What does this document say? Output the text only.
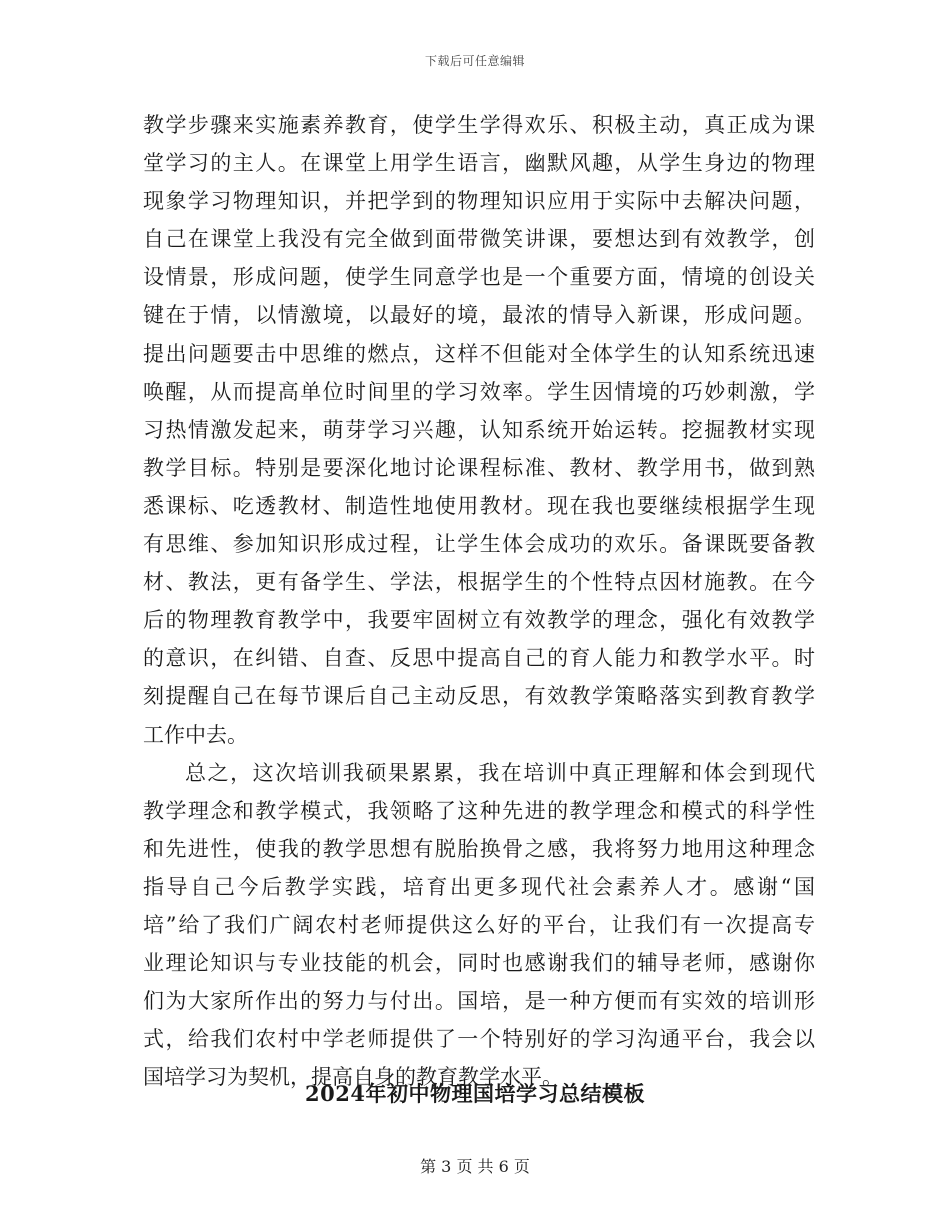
下载后可任意编辑
教学步骤来实施素养教育，使学生学得欢乐、积极主动，真正成为课
堂学习的主人。在课堂上用学生语言，幽默风趣，从学生身边的物理
现象学习物理知识，并把学到的物理知识应用于实际中去解决问题，
自己在课堂上我没有完全做到面带微笑讲课，要想达到有效教学，创
设情景，形成问题，使学生同意学也是一个重要方面，情境的创设关
键在于情，以情激境，以最好的境，最浓的情导入新课，形成问题。
提出问题要击中思维的燃点，这样不但能对全体学生的认知系统迅速
唤醒，从而提高单位时间里的学习效率。学生因情境的巧妙刺激，学
习热情激发起来，萌芽学习兴趣，认知系统开始运转。挖掘教材实现
教学目标。特别是要深化地讨论课程标准、教材、教学用书，做到熟
悉课标、吃透教材、制造性地使用教材。现在我也要继续根据学生现
有思维、参加知识形成过程，让学生体会成功的欢乐。备课既要备教
材、教法，更有备学生、学法，根据学生的个性特点因材施教。在今
后的物理教育教学中，我要牢固树立有效教学的理念，强化有效教学
的意识，在纠错、自查、反思中提高自己的育人能力和教学水平。时
刻提醒自己在每节课后自己主动反思，有效教学策略落实到教育教学
工作中去。
总之，这次培训我硕果累累，我在培训中真正理解和体会到现代
教学理念和教学模式，我领略了这种先进的教学理念和模式的科学性
和先进性，使我的教学思想有脱胎换骨之感，我将努力地用这种理念
指导自己今后教学实践，培育出更多现代社会素养人才。感谢“国
培”给了我们广阔农村老师提供这么好的平台，让我们有一次提高专
业理论知识与专业技能的机会，同时也感谢我们的辅导老师，感谢你
们为大家所作出的努力与付出。国培，是一种方便而有实效的培训形
式，给我们农村中学老师提供了一个特别好的学习沟通平台，我会以
国培学习为契机，提高自身的教育教学水平。
2024年初中物理国培学习总结模板
第 3 页 共 6 页
